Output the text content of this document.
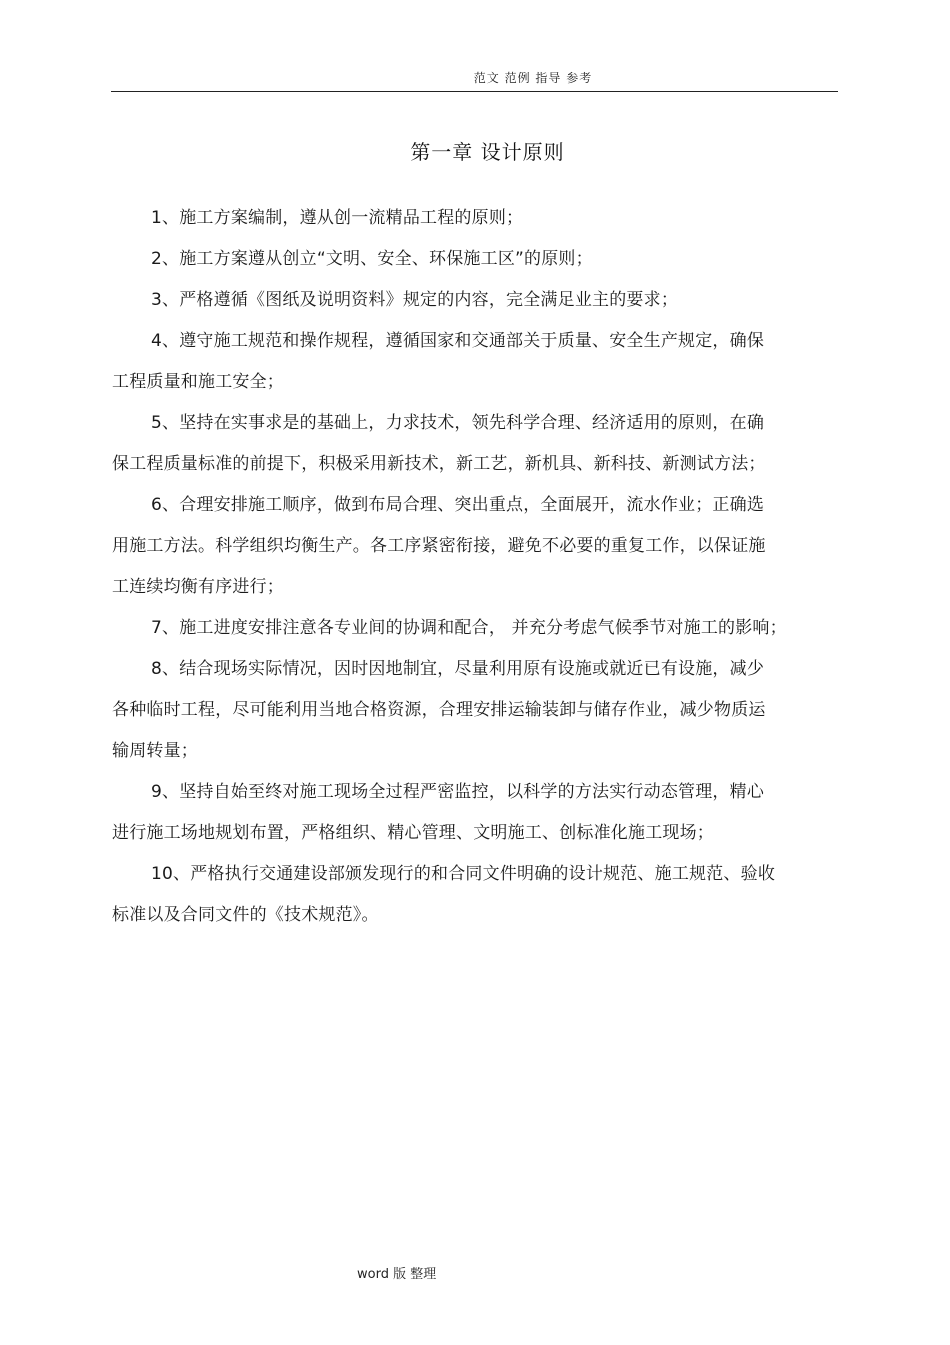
范文 范例 指导 参考
第一章 设计原则
1、施工方案编制，遵从创一流精品工程的原则；
2、施工方案遵从创立“文明、安全、环保施工区”的原则；
3、严格遵循《图纸及说明资料》规定的内容，完全满足业主的要求；
4、遵守施工规范和操作规程，遵循国家和交通部关于质量、安全生产规定，确保
工程质量和施工安全；
5、坚持在实事求是的基础上，力求技术，领先科学合理、经济适用的原则，在确
保工程质量标准的前提下，积极采用新技术，新工艺，新机具、新科技、新测试方法；
6、合理安排施工顺序，做到布局合理、突出重点，全面展开，流水作业；正确选
用施工方法。科学组织均衡生产。各工序紧密衔接，避免不必要的重复工作，以保证施
工连续均衡有序进行；
7、施工进度安排注意各专业间的协调和配合， 并充分考虑气候季节对施工的影响；
8、结合现场实际情况，因时因地制宜，尽量利用原有设施或就近已有设施，减少
各种临时工程，尽可能利用当地合格资源，合理安排运输装卸与储存作业，减少物质运
输周转量；
9、坚持自始至终对施工现场全过程严密监控，以科学的方法实行动态管理，精心
进行施工场地规划布置，严格组织、精心管理、文明施工、创标准化施工现场；
10、严格执行交通建设部颁发现行的和合同文件明确的设计规范、施工规范、验收
标准以及合同文件的《技术规范》。
word 版 整理
